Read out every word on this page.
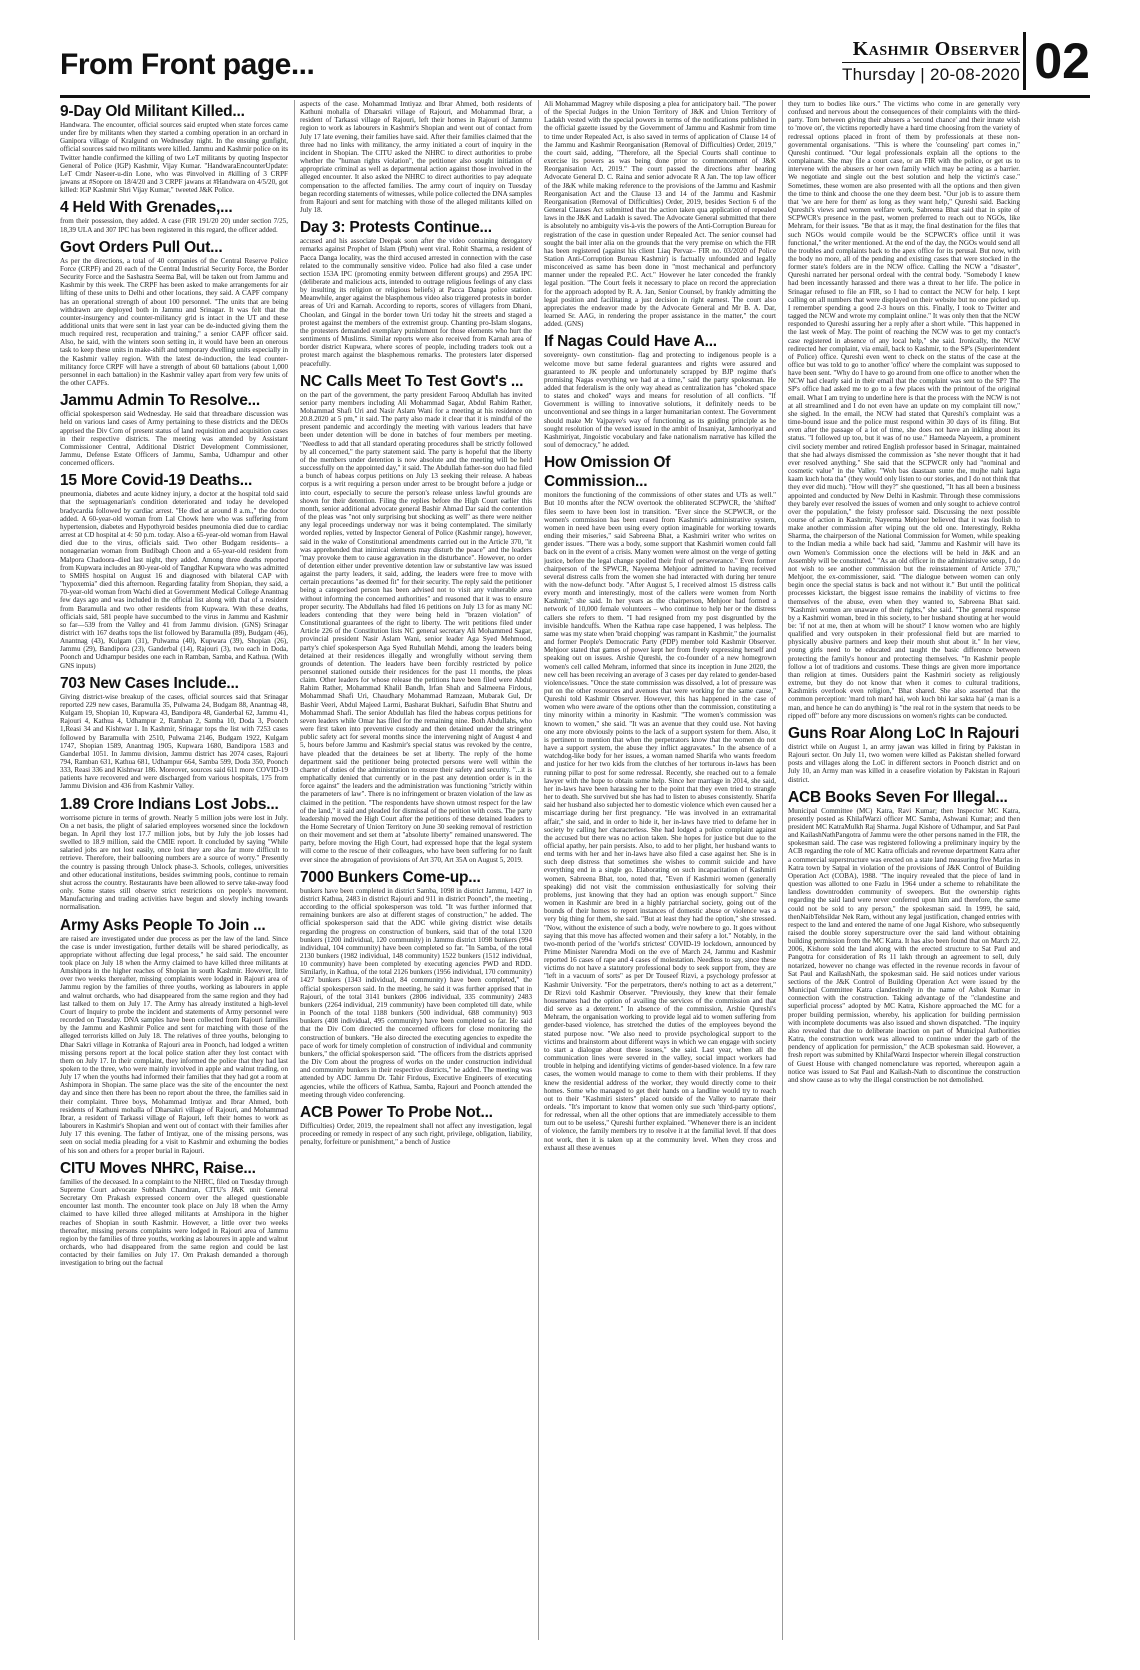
From Front page...	Kashmir Observer
Thursday | 20-08-2020 02
9-Day Old Militant Killed...
Handwara. The encounter, official sources said erupted when state forces came under fire by militants when they started a combing operation in an orchard in Ganipora village of Kralgund on Wednesday night. In the ensuing gunfight, official sources said two militants were killed. Jammu and Kashmir police on its Twitter handle confirmed the killing of two LeT militants by quoting Inspector General of Police (IGP) Kashmir, Vijay Kumar. "HandwaraEncounterUpdate: LeT Cmdr Naseer-u-din Lone, who was #involved in #killing of 3 CRPF jawans at #Sopore on 18/4/20 and 3 CRPF jawans at #Handwara on 4/5/20, got killed: IGP Kashmir Shri Vijay Kumar," tweeted J&K Police.
4 Held With Grenades,...
from their possession, they added. A case (FIR 191/20 20) under section 7/25, 18,39 ULA and 307 IPC has been registered in this regard, the officer added.
Govt Orders Pull Out...
As per the directions, a total of 40 companies of the Central Reserve Police Force (CRPF) and 20 each of the Central Industrial Security Force, the Border Security Force and the Sashastra Seema Bal, will be taken out from Jammu and Kashmir by this week. The CRPF has been asked to make arrangements for air lifting of these units to Delhi and other locations, they said. A CAPF company has an operational strength of about 100 personnel. "The units that are being withdrawn are deployed both in Jammu and Srinagar. It was felt that the counter-insurgency and counter-militancy grid is intact in the UT and these additional units that were sent in last year can be de-inducted giving them the much required rest, recuperation and training," a senior CAPF officer said. Also, he said, with the winters soon setting in, it would have been an onerous task to keep these units in make-shift and temporary dwelling units especially in the Kashmir valley region. With the latest de-induction, the lead counter-militancy force CRPF will have a strength of about 60 battalions (about 1,000 personnel in each battalion) in the Kashmir valley apart from very few units of the other CAPFs.
Jammu Admin To Resolve...
official spokesperson said Wednesday. He said that threadbare discussion was held on various land cases of Army pertaining to these districts and the DEOs apprised the Div Com of present status of land requisition and acquisition cases in their respective districts. The meeting was attended by Assistant Commissioner Central, Additional District Development Commissioner, Jammu, Defense Estate Officers of Jammu, Samba, Udhampur and other concerned officers.
15 More Covid-19 Deaths...
pneumonia, diabetes and acute kidney injury, a doctor at the hospital told said that the septuagenarian's condition deteriorated and today he developed bradycardia followed by cardiac arrest. "He died at around 8 a.m.," the doctor added. A 60-year-old woman from Lal Chowk here who was suffering from hypertension, diabetes and Hypothyroid besides pneumonia died due to cardiac arrest at CD hospital at 4: 50 p.m. today. Also a 65-year-old woman from Hawal died due to the virus, officials said. Two other Budgam residents– a nonagenarian woman from Budibagh Choon and a 65-year-old resident from Malpora Chadoora–died last night, they added. Among three deaths reported from Kupwara includes an 80-year-old of Tangdhar Kupwara who was admitted to SMHS hospital on August 16 and diagnosed with bilateral CAP with "hypoxemia" died this afternoon. Regarding fatality from Shopian, they said, a 70-year-old woman from Wachi died at Government Medical College Anantnag few days ago and was included in the official list along with that of a resident from Baramulla and two other residents from Kupwara. With these deaths, officials said, 581 people have succumbed to the virus in Jammu and Kashmir so far—539 from the Valley and 41 from Jammu division. (GNS) Srinagar district with 167 deaths tops the list followed by Baramulla (89), Budgam (46), Anantnag (43), Kulgam (31), Pulwama (40), Kupwara (39), Shopian (26), Jammu (29), Bandipora (23), Ganderbal (14), Rajouri (3), two each in Doda, Poonch and Udhampur besides one each in Ramban, Samba, and Kathua. (With GNS inputs)
703 New Cases Include...
Giving district-wise breakup of the cases, official sources said that Srinagar reported 229 new cases, Baramulla 35, Pulwama 24, Budgam 88, Anantnag 48, Kulgam 19, Shopian 10, Kupwara 43, Bandipora 48, Ganderbal 62, Jammu 41, Rajouri 4, Kathua 4, Udhampur 2, Ramban 2, Samba 10, Doda 3, Poonch 1,Reasi 34 and Kishtwar 1. In Kashmir, Srinagar tops the list with 7253 cases followed by Baramulla with 2510, Pulwama 2146, Budgam 1922, Kulgam 1747, Shopian 1589, Anantnag 1905, Kupwara 1680, Bandipora 1583 and Ganderbal 1051. In Jammu division, Jammu district has 2074 cases, Rajouri 794, Ramban 631, Kathua 681, Udhampur 664, Samba 599, Doda 350, Poonch 333, Reasi 336 and Kishtwar 186. Moreover, sources said 611 more COVID-19 patients have recovered and were discharged from various hospitals, 175 from Jammu Division and 436 from Kashmir Valley.
1.89 Crore Indians Lost Jobs...
worrisome picture in terms of growth. Nearly 5 million jobs were lost in July. On a net basis, the plight of salaried employees worsened since the lockdown began. In April they lost 17.7 million jobs, but by July the job losses had swelled to 18.9 million, said the CMIE report. It concluded by saying "While salaried jobs are not lost easily, once lost they are also far more difficult to retrieve. Therefore, their ballooning numbers are a source of worry." Presently the country is passing through Unlock phase-3. Schools, colleges, universities and other educational institutions, besides swimming pools, continue to remain shut across the country. Restaurants have been allowed to serve take-away food only. Some states still observe strict restrictions on people's movement. Manufacturing and trading activities have begun and slowly inching towards normalisation.
Army Asks People To Join ...
are raised are investigated under due process as per the law of the land. Since the case is under investigation, further details will be shared periodically, as appropriate without affecting due legal process," he said said. The encounter took place on July 18 when the Army claimed to have killed three militants at Amshipora in the higher reaches of Shopian in south Kashmir. However, little over two weeks thereafter, missing complaints were lodged in Rajouri area of Jammu region by the families of three youths, working as labourers in apple and walnut orchards, who had disappeared from the same region and they had last talked to them on July 17. The Army has already instituted a high-level Court of Inquiry to probe the incident and statements of Army personnel were recorded on Tuesday. DNA samples have been collected from Rajouri families by the Jammu and Kashmir Police and sent for matching with those of the alleged terrorists killed on July 18. The relatives of three youths, belonging to Dhar Sakri village in Kotranka of Rajouri area in Poonch, had lodged a written missing persons report at the local police station after they lost contact with them on July 17. In their complaint, they informed the police that they had last spoken to the three, who were mainly involved in apple and walnut trading, on July 17 when the youths had informed their families that they had got a room at Ashimpora in Shopian. The same place was the site of the encounter the next day and since then there has been no report about the three, the families said in their complaint. Three boys, Mohammad Imtiyaz and Ibrar Ahmed, both residents of Kathuni mohalla of Dharsakri village of Rajouri, and Mohammad Ibrar, a resident of Tarkassi village of Rajouri, left their homes to work as labourers in Kashmir's Shopian and went out of contact with their families after July 17 this evening. The father of Imtiyaz, one of the missing persons, was seen on social media pleading for a visit to Kashmir and exhuming the bodies of his son and others for a proper burial in Rajouri.
CITU Moves NHRC, Raise...
families of the deceased. In a complaint to the NHRC, filed on Tuesday through Supreme Court advocate Subhash Chandran, CITU's J&K unit General Secretary Om Prakash expressed concern over the alleged questionable encounter last month. The encounter took place on July 18 when the Army claimed to have killed three alleged militants at Amshipora in the higher reaches of Shopian in south Kashmir. However, a little over two weeks thereafter, missing persons complaints were lodged in Rajouri area of Jammu region by the families of three youths, working as labourers in apple and walnut orchards, who had disappeared from the same region and could be last contacted by their families on July 17. Om Prakash demanded a thorough investigation to bring out the factual
aspects of the case. Mohammad Imtiyaz and Ibrar Ahmed, both residents of Kathuni mohalla of Dharsakri village of Rajouri, and Mohammad Ibrar, a resident of Tarkassi village of Rajouri, left their homes in Rajouri of Jammu region to work as labourers in Kashmir's Shopian and went out of contact from July 17 late evening, their families have said. After their families claimed that the three had no links with militancy, the army initiated a court of inquiry in the incident in Shopian. The CITU asked the NHRC to direct authorities to probe whether the "human rights violation", the petitioner also sought initiation of appropriate criminal as well as departmental action against those involved in the alleged encounter. It also asked the NHRC to direct authorities to pay adequate compensation to the affected families. The army court of inquiry on Tuesday began recording statements of witnesses, while police collected the DNA samples from Rajouri and sent for matching with those of the alleged militants killed on July 18.
Day 3: Protests Continue...
accused and his associate Deepak soon after the video containing derogatory remarks against Prophet of Islam (Pbuh) went viral. Rohit Sharma, a resident of Pacca Danga locality, was the third accused arrested in connection with the case related to the communally sensitive video. Police had also filed a case under section 153A IPC (promoting enmity between different groups) and 295A IPC (deliberate and malicious acts, intended to outrage religious feelings of any class by insulting its religion or religious beliefs) at Pacca Danga police station. Meanwhile, anger against the blasphemous video also triggered protests in border areas of Uri and Karnah. According to reports, scores of villagers from Dhani, Choolan, and Gingal in the border town Uri today hit the streets and staged a protest against the members of the extremist group. Chanting pro-Islam slogans, the protesters demanded exemplary punishment for those elements who hurt the sentiments of Muslims. Similar reports were also received from Karnah area of border district Kupwara, where scores of people, including traders took out a protest march against the blasphemous remarks. The protesters later dispersed peacefully.
NC Calls Meet To Test Govt's ...
on the part of the government, the party president Farooq Abdullah has invited senior party members including Ali Mohammad Sagar, Abdul Rahim Rather, Mohammad Shafi Uri and Nasir Aslam Wani for a meeting at his residence on 20.8.2020 at 5 pm," it said. The party also made it clear that it is mindful of the present pandemic and accordingly the meeting with various leaders that have been under detention will be done in batches of four members per meeting. "Needless to add that all standard operating procedures shall be strictly followed by all concerned," the party statement said. The party is hopeful that the liberty of the members under detention is now absolute and the meeting will be held successfully on the appointed day," it said. The Abdullah father-son duo had filed a bunch of habeas corpus petitions on July 13 seeking their release. A habeas corpus is a writ requiring a person under arrest to be brought before a judge or into court, especially to secure the person's release unless lawful grounds are shown for their detention. Filing the replies before the High Court earlier this month, senior additional advocate general Bashir Ahmad Dar said the contention of the pleas was "not only surprising but shocking as well" as there were neither any legal proceedings underway nor was it being contemplated. The similarly worded replies, vetted by Inspector General of Police (Kashmir range), however, said in the wake of Constitutional amendments carried out in the Article 370, "it was apprehended that inimical elements may disturb the peace" and the leaders "may provoke them to cause aggravation in the disturbance". However, no order of detention either under preventive detention law or substantive law was issued against the party leaders, it said, adding, the leaders were free to move with certain precautions "as deemed fit" for their security. The reply said the petitioner being a categorised person has been advised not to visit any vulnerable area without informing the concerned authorities" and reasoned that it was to ensure proper security. The Abdullahs had filed 16 petitions on July 13 for as many NC leaders contending that they were being held in "brazen violation" of Constitutional guarantees of the right to liberty. The writ petitions filed under Article 226 of the Constitution lists NC general secretary Ali Mohammed Sagar, provincial president Nasir Aslam Wani, senior leader Aga Syed Mehmood, party's chief spokesperson Aga Syed Ruhullah Mehdi, among the leaders being detained at their residences illegally and wrongfully without serving them grounds of detention. The leaders have been forcibly restricted by police personnel stationed outside their residences for the past 11 months, the pleas claim. Other leaders for whose release the petitions have been filed were Abdul Rahim Rather, Mohammad Khalil Bandh, Irfan Shah and Salmeena Firdous, Mohammad Shafi Uri, Chaudhary Mohammad Ramzaan, Mubarak Gul, Dr Bashir Veeri, Abdul Majeed Larmi, Basharat Bukhari, Saifudin Bhat Shutru and Mohammad Shafi. The senior Abdullah has filed the habeas corpus petitions for seven leaders while Omar has filed for the remaining nine. Both Abdullahs, who were first taken into preventive custody and then detained under the stringent public safety act for several months since the intervening night of August 4 and 5, hours before Jammu and Kashmir's special status was revoked by the centre, have pleaded that the detainees be set at liberty. The reply of the home department said the petitioner being protected persons were well within the charter of duties of the administration to ensure their safety and security. "...it is emphatically denied that currently or in the past any detention order is in the force against" the leaders and the administration was functioning "strictly within the parameters of law". There is no infringement or brazen violation of the law as claimed in the petition. "The respondents have shown utmost respect for the law of the land," it said and pleaded for dismissal of the petition with costs. The party leadership moved the High Court after the petitions of these detained leaders to the Home Secretary of Union Territory on June 30 seeking removal of restriction on their movement and set them at "absolute liberty" remained unanswered. The party, before moving the High Court, had expressed hope that the legal system will come to the rescue of their colleagues, who have been suffering for no fault ever since the abrogation of provisions of Art 370, Art 35A on August 5, 2019.
7000 Bunkers Come-up...
bunkers have been completed in district Samba, 1098 in district Jammu, 1427 in district Kathua, 2483 in district Rajouri and 911 in district Poonch", the meeting , according to the official spokesperson was told. "It was further informed that remaining bunkers are also at different stages of construction," he added. The official spokesperson said that the ADC while giving district wise details regarding the progress on construction of bunkers, said that of the total 1320 bunkers (1200 individual, 120 community) in Jammu district 1098 bunkers (994 individual, 104 community) have been completed so far. "In Samba, of the total 2130 bunkers (1982 individual, 148 community) 1522 bunkers (1512 individual, 10 community) have been completed by executing agencies PWD and RDD. Similarly, in Kathua, of the total 2126 bunkers (1956 individual, 170 community) 1427 bunkers (1343 individual, 84 community) have been completed," the official spokesperson said. In the meeting, he said it was further apprised that in Rajouri, of the total 3141 bunkers (2806 individual, 335 community) 2483 bunkers (2264 individual, 219 community) have been completed till date, while in Poonch of the total 1188 bunkers (500 individual, 688 community) 903 bunkers (408 individual, 495 community) have been completed so far. He said that the Div Com directed the concerned officers for close monitoring the construction of bunkers. "He also directed the executing agencies to expedite the pace of work for timely completion of construction of individual and community bunkers," the official spokesperson said. "The officers from the districts apprised the Div Com about the progress of works on the under construction individual and community bunkers in their respective districts," he added. The meeting was attended by ADC Jammu Dr. Tahir Firdous, Executive Engineers of executing agencies, while the officers of Kathua, Samba, Rajouri and Poonch attended the meeting through video conferencing.
ACB Power To Probe Not...
Difficulties) Order, 2019, the repealment shall not affect any investigation, legal proceeding or remedy in respect of any such right, privilege, obligation, liability, penalty, forfeiture or punishment," a bench of Justice
Ali Mohammad Magrey while disposing a plea for anticipatory bail. "The power of the Special Judges in the Union Territory of J&K and Union Territory of Ladakh vested with the special powers in terms of the notifications published in the official gazette issued by the Government of Jammu and Kashmir from time to time under Repealed Act, is also saved in terms of application of Clause 14 of the Jammu and Kashmir Reorganisation (Removal of Difficulties) Order, 2019," the court said, adding, "Therefore, all the Special Courts shall continue to exercise its powers as was being done prior to commencement of J&K Reorganisation Act, 2019." The court passed the directions after hearing Advocate General D. C. Raina and senior advocate R A Jan. The top law officer of the J&K while making reference to the provisions of the Jammu and Kashmir Reorganisation Act and the Clause 13 and 14 of the Jammu and Kashmir Reorganisation (Removal of Difficulties) Order, 2019, besides Section 6 of the General Clauses Act submitted that the action taken qua application of repealed laws in the J&K and Ladakh is saved. The Advocate General submitted that there is absolutely no ambiguity vis-à-vis the powers of the Anti-Corruption Bureau for registration of the case in question under Repealed Act. The senior counsel had sought the bail inter alia on the grounds that the very premise on which the FIR has been registered (against his client Liaq Pervaz– FIR no. 03/2020 of Police Station Anti-Corruption Bureau Kashmir) is factually unfounded and legally misconceived as same has been done in "most mechanical and perfunctory manner under the repealed P.C. Act." However he later conceded the frankly legal position. "The Court feels it necessary to place on record the appreciation for the approach adopted by R. A. Jan, Senior Counsel, by frankly admitting the legal position and facilitating a just decision in right earnest. The court also appreciates the endeavor made by the Advocate General and Mr B. A. Dar, learned Sr. AAG, in rendering the proper assistance in the matter," the court added. (GNS)
If Nagas Could Have A...
sovereignty- own constitution- flag and protecting to indigenous people is a welcome move but same federal guarantees and rights were assured and guaranteed to JK people and unfortunately scrapped by BJP regime that's promising Nagas everything we had at a time," said the party spokesman. He added that federalism is the only way ahead as centralization has "choked space to states and choked" ways and means for resolution of all conflicts. "If Government is willing to innovative solutions, it definitely needs to be unconventional and see things in a larger humanitarian context. The Government should make Mr Vajpayee's way of functioning as its guiding principle as he sought resolution of the vexed issued in the ambit of Insaniyat, Jamhooriyat and Kashmiriyat, Jingoistic vocabulary and fake nationalism narrative has killed the soul of democracy," he added.
How Omission Of Commission...
monitors the functioning of the commissions of other states and UTs as well." But 10 months after the NCW overtook the obliterated SCPWCR, the 'shifted' files seem to have been lost in transition. "Ever since the SCPWCR, or the women's commission has been erased from Kashmir's administrative system, women in need have been using every option imaginable for working towards ending their miseries," said Sabreena Bhat, a Kashmiri writer who writes on gender issues. "There was a body, some support that Kashmiri women could fall back on in the event of a crisis. Many women were almost on the verge of getting justice, before the legal change spoiled their fruit of perseverance." Even former chairperson of the SPWCR, Nayeema Mehjoor admitted to having received several distress calls from the women she had interacted with during her tenure with the now-defunct body. "After August 5, I received almost 15 distress calls every month and interestingly, most of the callers were women from North Kashmir," she said. In her years as the chairperson, Mehjoor had formed a network of 10,000 female volunteers – who continue to help her or the distress callers she refers to them. "I had resigned from my post disgruntled by the invisible handcuffs. When the Kathua rape case happened, I was helpless. The same was my state when 'braid chopping' was rampant in Kashmir," the journalist and former People's Democratic Party (PDP) member told Kashmir Observer. Mehjoor stated that games of power kept her from freely expressing herself and speaking out on issues. Arshie Qureshi, the co-founder of a new homegrown women's cell called Mehram, informed that since its inception in June 2020, the new cell has been receiving an average of 3 cases per day related to gender-based violence/issues. "Once the state commission was dissolved, a lot of pressure was put on the other resources and avenues that were working for the same cause," Qureshi told Kashmir Observer. However, this has happened in the case of women who were aware of the options other than the commission, constituting a tiny minority within a minority in Kashmir. "The women's commission was known to women," she said. "It was an avenue that they could use. Not having one any more obviously points to the lack of a support system for them. Also, it is pertinent to mention that when the perpetrators know that the women do not have a support system, the abuse they inflict aggravates." In the absence of a watchdog-like body for her issues, a woman named Sharifa who wants freedom and justice for her two kids from the clutches of her torturous in-laws has been running pillar to post for some redressal. Recently, she reached out to a female lawyer with the hope to obtain some help. Since her marriage in 2014, she said, her in-laws have been harassing her to the point that they even tried to strangle her to death. She survived but she has had to listen to abuses consistently. Sharifa said her husband also subjected her to domestic violence which even caused her a miscarriage during her first pregnancy. "He was involved in an extramarital affair," she said, and in order to hide it, her in-laws have tried to defame her in society by calling her characterless. She had lodged a police complaint against the accused but there was no action taken. She hopes for justice but due to the official apathy, her pain persists. Also, to add to her plight, her husband wants to end terms with her and her in-laws have also filed a case against her. She is in such deep distress that sometimes she wishes to commit suicide and have everything end in a single go. Elaborating on such incapacitation of Kashmiri women, Sabreena Bhat, too, noted that, "Even if Kashmiri women (generally speaking) did not visit the commission enthusiastically for solving their problems, just knowing that they had an option was enough support." Since women in Kashmir are bred in a highly patriarchal society, going out of the bounds of their homes to report instances of domestic abuse or violence was a very big thing for them, she said. "But at least they had the option," she stressed. "Now, without the existence of such a body, we're nowhere to go. It goes without saying that this move has affected women and their safety a lot." Notably, in the two-month period of the 'world's strictest' COVID-19 lockdown, announced by Prime Minister Narendra Modi on the eve of March 24, Jammu and Kashmir reported 16 cases of rape and 4 cases of molestation. Needless to say, since these victims do not have a statutory professional body to seek support from, they are "left in a vacuum of sorts" as per Dr Touseef Rizvi, a psychology professor at Kashmir University. "For the perpetrators, there's nothing to act as a deterrent," Dr Rizvi told Kashmir Observer. "Previously, they knew that their female housemates had the option of availing the services of the commission and that did serve as a deterrent." In absence of the commission, Arshie Qureshi's Mehram, the organisation working to provide legal aid to women suffering from gender-based violence, has stretched the duties of the employees beyond the stated purpose now. "We also need to provide psychological support to the victims and brainstorm about different ways in which we can engage with society to start a dialogue about these issues," she said. Last year, when all the communication lines were severed in the valley, social impact workers had trouble in helping and identifying victims of gender-based violence. In a few rare cases, the women would manage to come to them with their problems. If they knew the residential address of the worker, they would directly come to their homes. Some who managed to get their hands on a landline would try to reach out to their "Kashmiri sisters" placed outside of the Valley to narrate their ordeals. "It's important to know that women only sue such 'third-party options', for redressal, when all the other options that are immediately accessible to them turn out to be useless," Qureshi further explained. "Whenever there is an incident of violence, the family members try to resolve it at the familial level. If that does not work, then it is taken up at the community level. When they cross and exhaust all these avenues
they turn to bodies like ours." The victims who come in are generally very confused and nervous about the consequences of their complaints with the third-party. Torn between giving their abusers a 'second chance' and their innate wish to 'move on', the victims reportedly have a hard time choosing from the variety of redressal options placed in front of them by professionals at these non-governmental organisations. "This is where the 'counseling' part comes in," Qureshi continued. "Our legal professionals explain all the options to the complainant. She may file a court case, or an FIR with the police, or get us to intervene with the abusers or her own family which may be acting as a barrier. We negotiate and single out the best solution and help the victim's case." Sometimes, these women are also presented with all the options and then given the time to think and choose the one they deem best. "Our job is to assure them that 'we are here for them' as long as they want help," Qureshi said. Backing Qureshi's views and women welfare work, Sabreena Bhat said that in spite of SCPWCR's presence in the past, women preferred to reach out to NGOs, like Mehram, for their issues. "Be that as it may, the final destination for the files that such NGOs would compile would be the SCPWCR's office until it was functional," the writer mentioned. At the end of the day, the NGOs would send all the troubles and complaints back to the apex office for its perusal. But now, with the body no more, all of the pending and existing cases that were stocked in the former state's folders are in the NCW office. Calling the NCW a "disaster", Qureshi narrated her personal ordeal with the central body. "Somebody I knew had been incessantly harassed and there was a threat to her life. The police in Srinagar refused to file an FIR, so I had to contact the NCW for help. I kept calling on all numbers that were displayed on their website but no one picked up. I remember spending a good 2-3 hours on this. Finally, I took to Twitter and tagged the NCW and wrote my complaint online." It was only then that the NCW responded to Qureshi assuring her a reply after a short while. "This happened in the last week of May. The point of reaching the NCW was to get my contact's case registered in absence of any local help," she said. Ironically, the NCW redirected her complaint, via email, back to Kashmir, to the SP's (Superintendent of Police) office. Qureshi even went to check on the status of the case at the office but was told to go to another 'office' where the complaint was supposed to have been sent. "Why do I have to go around from one office to another when the NCW had clearly said in their email that the complaint was sent to the SP? The SP's office had asked me to go to a few places with the printout of the original email. What I am trying to underline here is that the process with the NCW is not at all streamlined and I do not even have an update on my complaint till now," she sighed. In the email, the NCW had stated that Qureshi's complaint was a time-bound issue and the police must respond within 30 days of its filing. But even after the passage of a lot of time, she does not have an inkling about its status. "I followed up too, but it was of no use." Hameeda Nayeem, a prominent civil society member and retired English professor based in Srinagar, maintained that she had always dismissed the commission as "she never thought that it had ever resolved anything." She said that the SCPWCR only had "nominal and cosmetic value" in the Valley. "Woh bas daastaan sunte the, mujhe nahi lagta kaam kuch hota tha" (they would only listen to our stories, and I do not think that they ever did much). "How will they?" she questioned, "It has all been a business appointed and conducted by New Delhi in Kashmir. Through these commissions they barely ever resolved the issues of women and only sought to achieve control over the population," the feisty professor said. Discussing the next possible course of action in Kashmir, Nayeema Mehjoor believed that it was foolish to make another commission after wiping out the old one. Interestingly, Rekha Sharma, the chairperson of the National Commission for Women, while speaking to the Indian media a while back had said, "Jammu and Kashmir will have its own Women's Commission once the elections will be held in J&K and an Assembly will be constituted." "As an old officer in the administrative setup, I do not wish to see another commission but the reinstatement of Article 370," Mehjoor, the ex-commissioner, said. "The dialogue between women can only begin once the special status is back and not without it." But until the political processes kickstart, the biggest issue remains the inability of victims to free themselves of the abuse, even when they wanted to, Sabreena Bhat said. "Kashmiri women are unaware of their rights," she said. "The general response by a Kashmiri woman, bred in this society, to her husband shouting at her would be: 'if not at me, then at whom will he shout?' I know women who are highly qualified and very outspoken in their professional field but are married to physically abusive partners and keep their mouth shut about it." In her view, young girls need to be educated and taught the basic difference between protecting the family's honour and protecting themselves. "In Kashmir people follow a lot of traditions and customs. These things are given more importance than religion at times. Outsiders paint the Kashmiri society as religiously extreme, but they do not know that when it comes to cultural traditions, Kashmiris overlook even religion," Bhat shared. She also asserted that the common perception: 'mard toh mard hai, woh kuch bhi kar sakta hai' (a man is a man, and hence he can do anything) is "the real rot in the system that needs to be ripped off" before any more discussions on women's rights can be conducted.
Guns Roar Along LoC In Rajouri
district while on August 1, an army jawan was killed in firing by Pakistan in Rajouri sector. On July 11, two women were killed as Pakistan shelled forward posts and villages along the LoC in different sectors in Poonch district and on July 10, an Army man was killed in a ceasefire violation by Pakistan in Rajouri district.
ACB Books Seven For Illegal...
Municipal Committee (MC) Katra, Ravi Kumar; then Inspector MC Katra, presently posted as KhilafWarzi officer MC Samba, Ashwani Kumar; and then president MC KatraMulkh Raj Sharma. Jugal Kishore of Udhampur, and Sat Paul and KailashNathPangotra of Jammu were the other persons named in the FIR, the spokesman said. The case was registered following a preliminary inquiry by the ACB regarding the role of MC Katra officials and revenue department Katra after a commercial superstructure was erected on a state land measuring five Marlas in Katra town by Satpal in violation of the provisions of J&K Control of Building Operation Act (COBA), 1988. "The inquiry revealed that the piece of land in question was allotted to one Fazlu in 1964 under a scheme to rehabilitate the landless downtrodden community of sweepers. But the ownership rights regarding the said land were never conferred upon him and therefore, the same could not be sold to any person," the spokesman said. In 1999, he said, thenNaibTehsildar Nek Ram, without any legal justification, changed entries with respect to the land and entered the name of one Jugal Kishore, who subsequently raised the double storey superstructure over the said land without obtaining building permission from the MC Katra. It has also been found that on March 22, 2006, Kishore sold the land along with the erected structure to Sat Paul and Pangotra for consideration of Rs 11 lakh through an agreement to sell, duly notarized, however no change was effected in the revenue records in favour of Sat Paul and KailashNath, the spokesman said. He said notices under various sections of the J&K Control of Building Operation Act were issued by the Municipal Committee Katra clandestinely in the name of Ashok Kumar in connection with the construction. Taking advantage of the "clandestine and superficial process" adopted by MC Katra, Kishore approached the MC for a proper building permission, whereby, his application for building permission with incomplete documents was also issued and shown dispatched. "The inquiry also revealed that due to deliberate inaction on part of Municipal Authorities Katra, the construction work was allowed to continue under the garb of the pendency of application for permission," the ACB spokesman said. However, a fresh report was submitted by KhilafWarzi Inspector wherein illegal construction of Guest House with changed nomenclature was reported, whereupon again a notice was issued to Sat Paul and Kailash-Nath to discontinue the construction and show cause as to why the illegal construction be not demolished.
